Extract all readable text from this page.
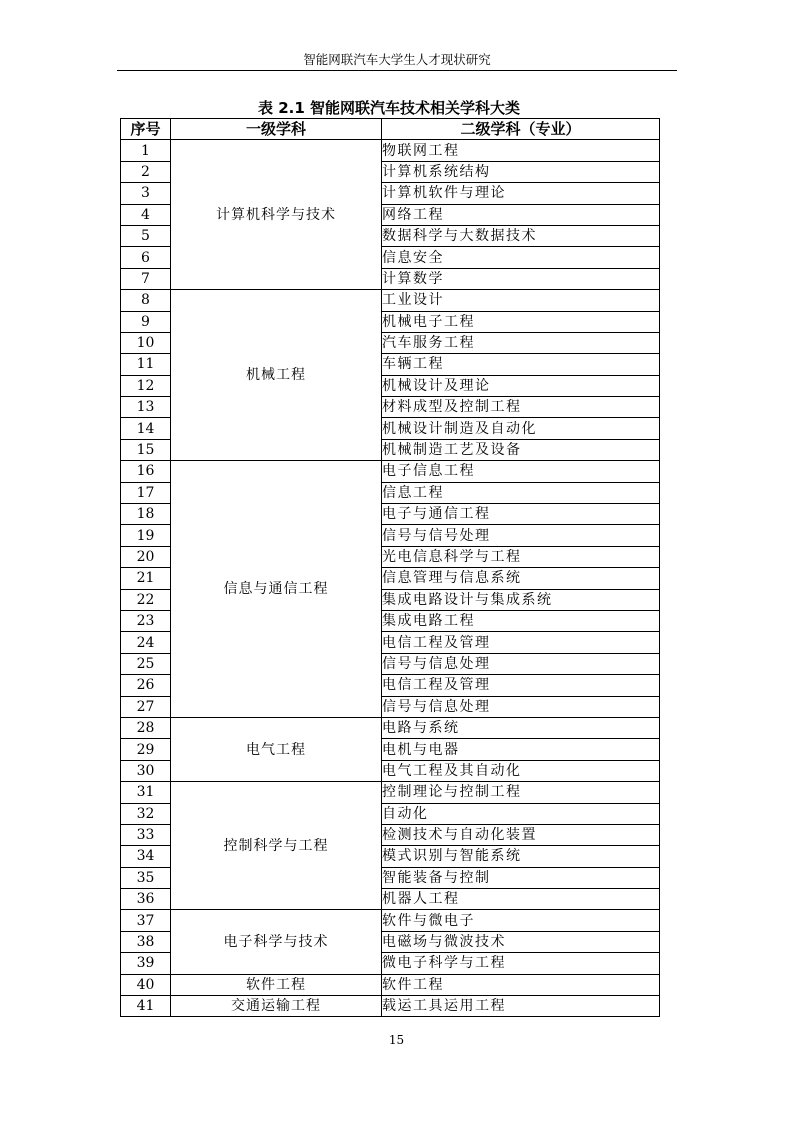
智能网联汽车大学生人才现状研究
表 2.1 智能网联汽车技术相关学科大类
序号	一级学科	二级学科（专业）
1	计算机科学与技术	物联网工程
2		计算机系统结构
3		计算机软件与理论
4		网络工程
5		数据科学与大数据技术
6		信息安全
7		计算数学
8	机械工程	工业设计
9		机械电子工程
10		汽车服务工程
11		车辆工程
12		机械设计及理论
13		材料成型及控制工程
14		机械设计制造及自动化
15		机械制造工艺及设备
16	信息与通信工程	电子信息工程
17		信息工程
18		电子与通信工程
19		信号与信号处理
20		光电信息科学与工程
21		信息管理与信息系统
22		集成电路设计与集成系统
23		集成电路工程
24		电信工程及管理
25		信号与信息处理
26		电信工程及管理
27		信号与信息处理
28	电气工程	电路与系统
29		电机与电器
30		电气工程及其自动化
31	控制科学与工程	控制理论与控制工程
32		自动化
33		检测技术与自动化装置
34		模式识别与智能系统
35		智能装备与控制
36		机器人工程
37	电子科学与技术	软件与微电子
38		电磁场与微波技术
39		微电子科学与工程
40	软件工程	软件工程
41	交通运输工程	载运工具运用工程
15
